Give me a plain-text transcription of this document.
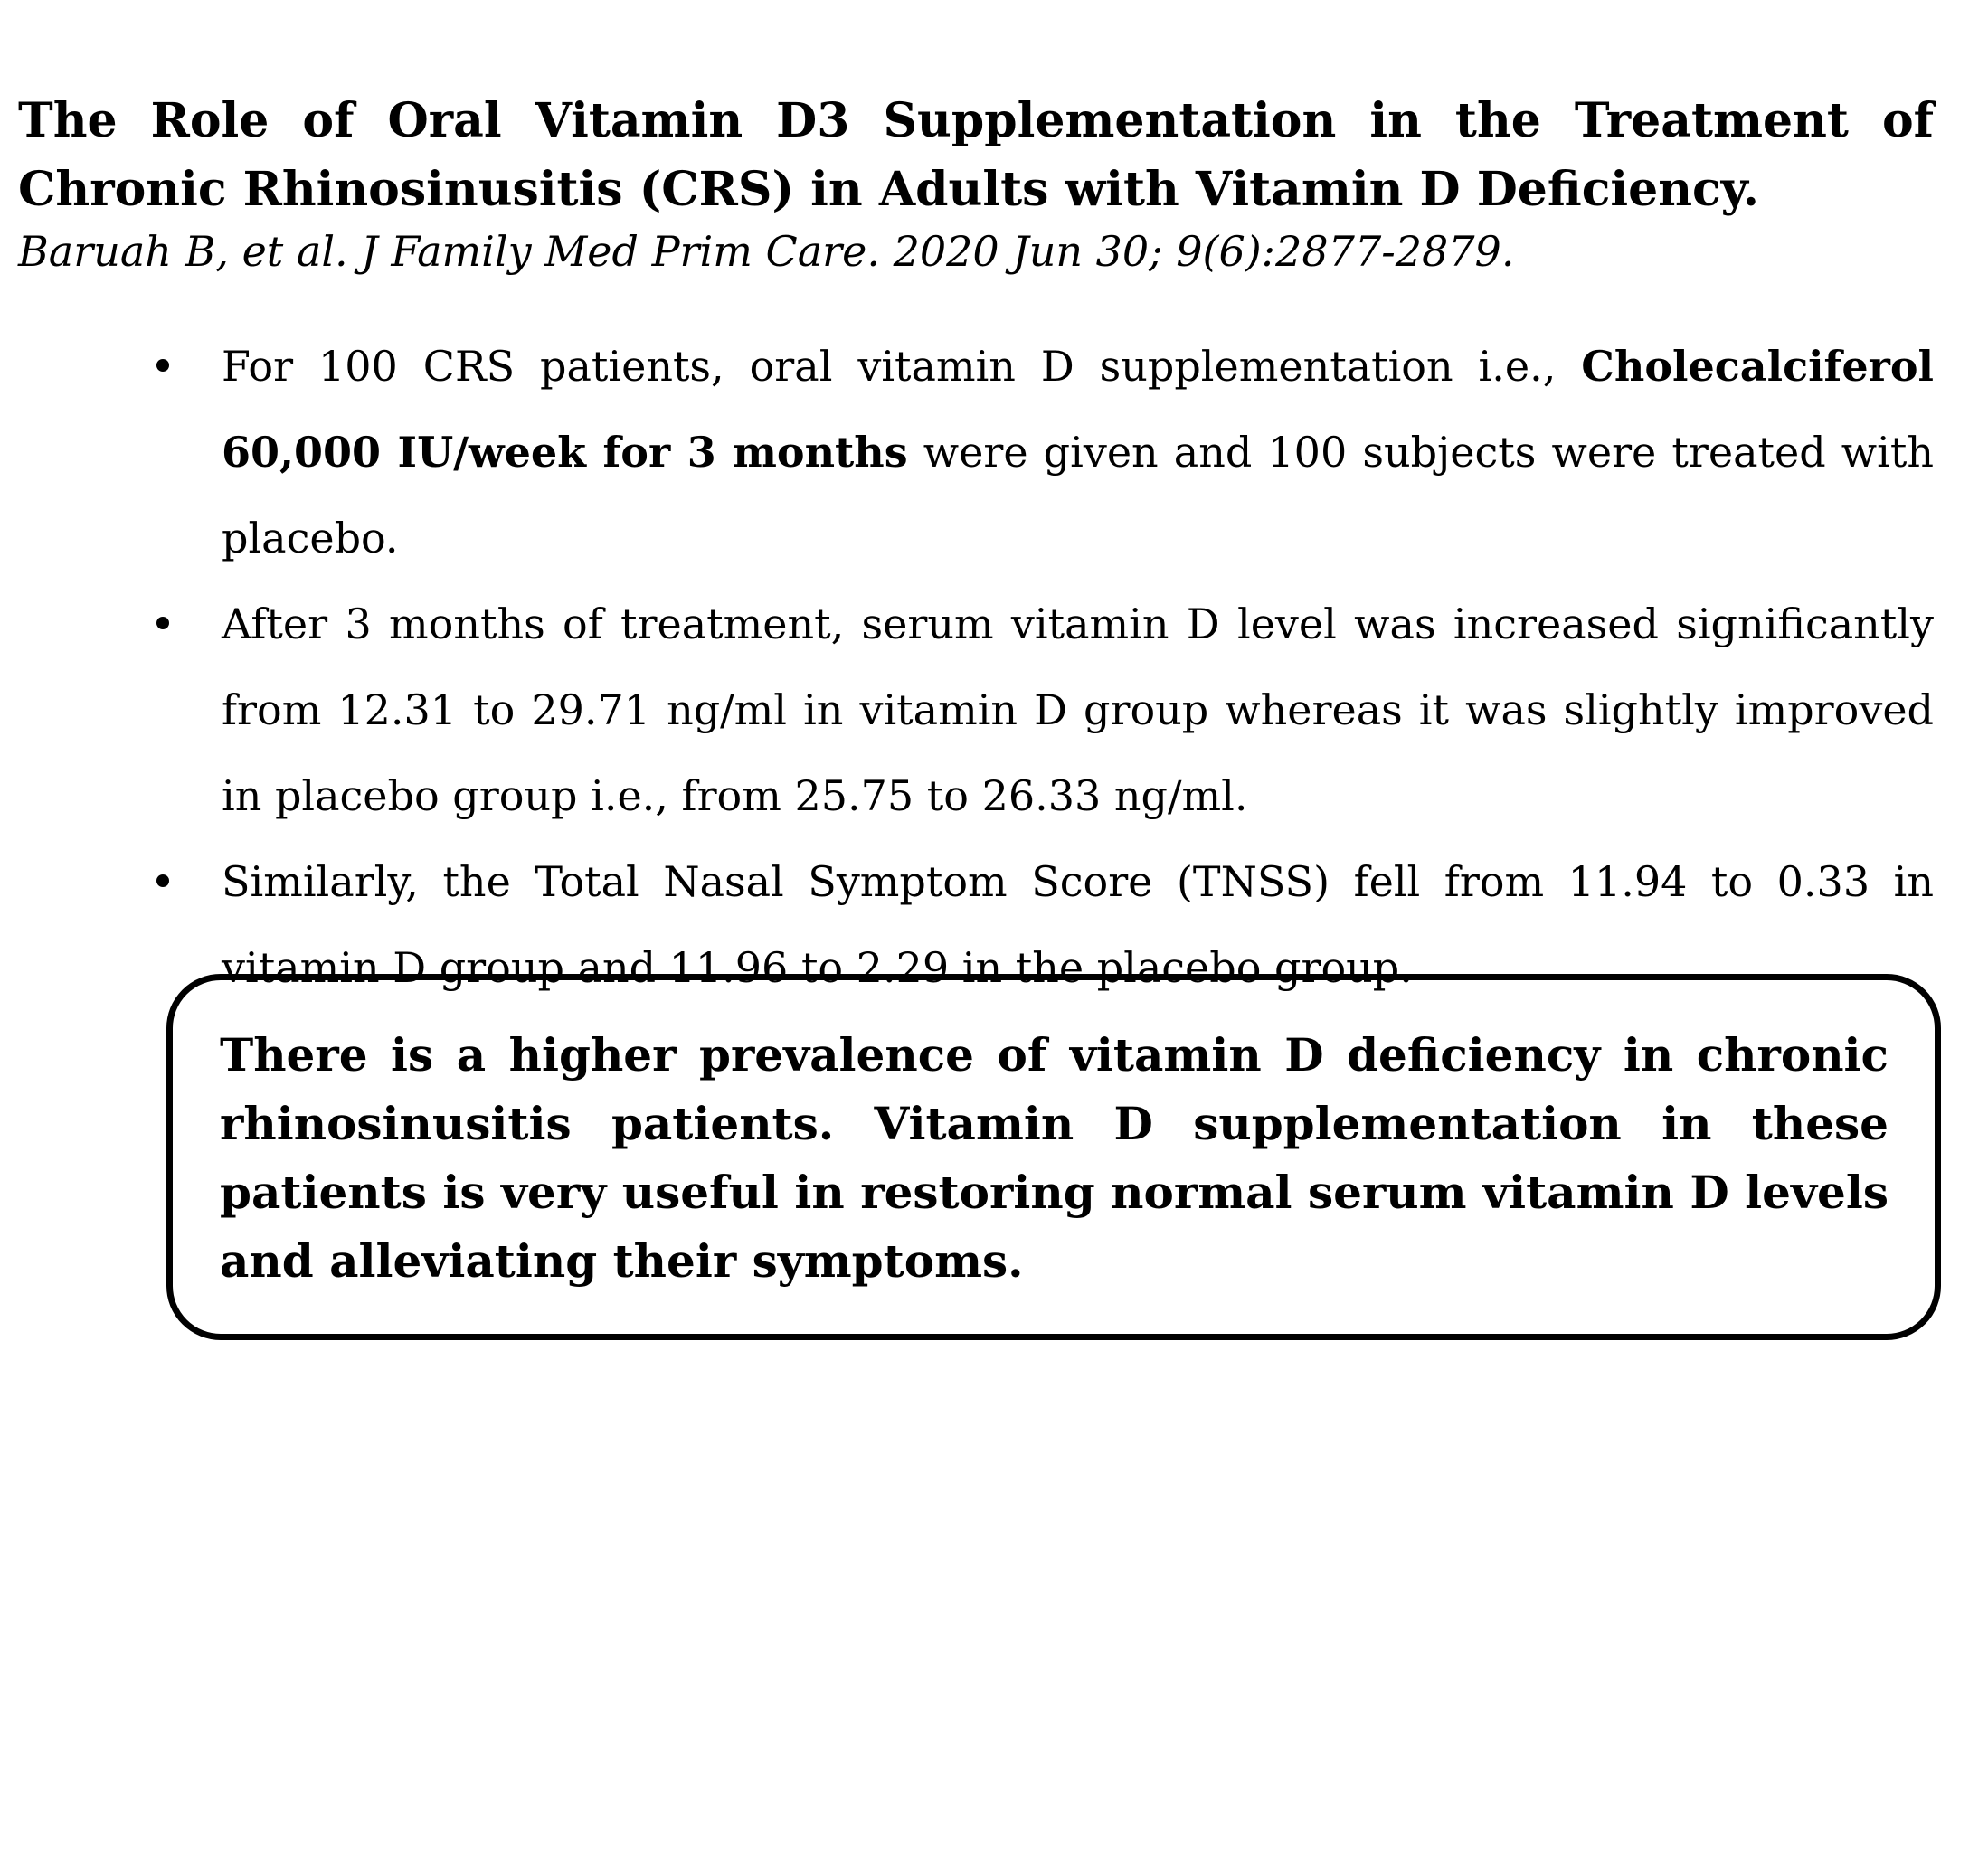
The Role of Oral Vitamin D3 Supplementation in the Treatment of Chronic Rhinosinusitis (CRS) in Adults with Vitamin D Deficiency.

Baruah B, et al. J Family Med Prim Care. 2020 Jun 30; 9(6):2877-2879.

For 100 CRS patients, oral vitamin D supplementation i.e., Cholecalciferol 60,000 IU/week for 3 months were given and 100 subjects were treated with placebo.
After 3 months of treatment, serum vitamin D level was increased significantly from 12.31 to 29.71 ng/ml in vitamin D group whereas it was slightly improved in placebo group i.e., from 25.75 to 26.33 ng/ml.
Similarly, the Total Nasal Symptom Score (TNSS) fell from 11.94 to 0.33 in vitamin D group and 11.96 to 2.29 in the placebo group.

There is a higher prevalence of vitamin D deficiency in chronic rhinosinusitis patients. Vitamin D supplementation in these patients is very useful in restoring normal serum vitamin D levels and alleviating their symptoms.
